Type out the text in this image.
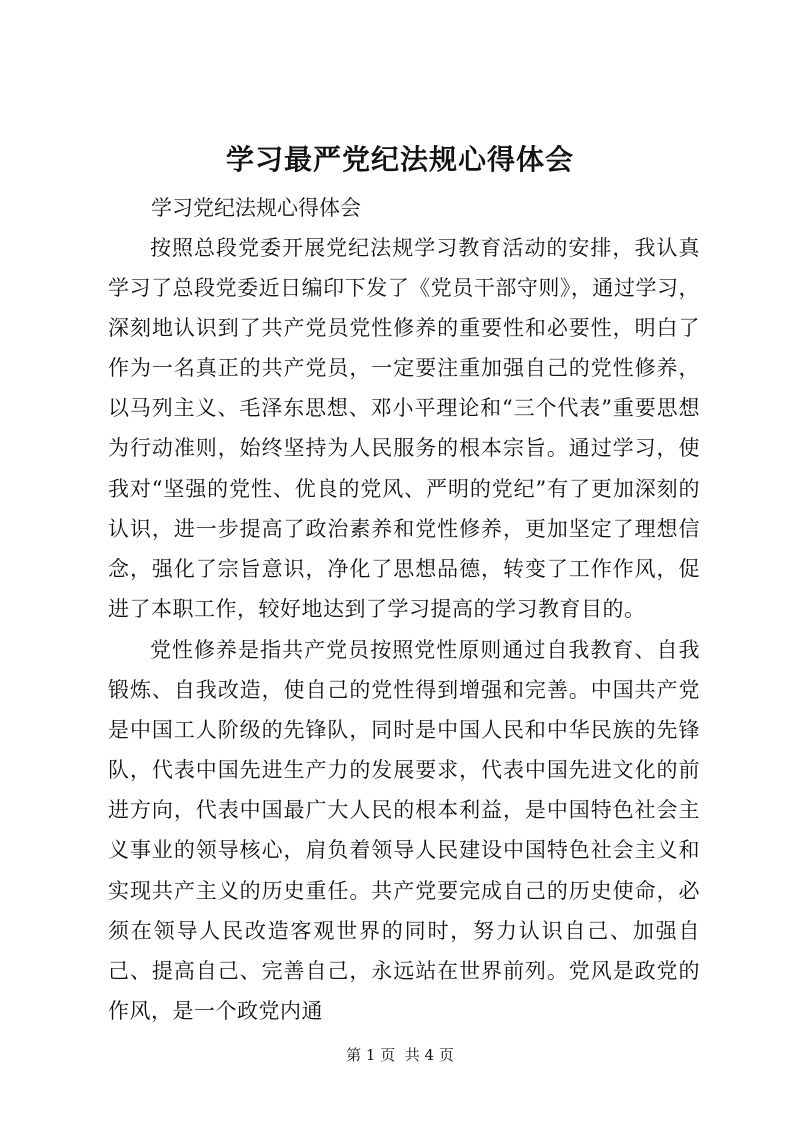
学习最严党纪法规心得体会

学习党纪法规心得体会

按照总段党委开展党纪法规学习教育活动的安排，我认真学习了总段党委近日编印下发了《党员干部守则》，通过学习，深刻地认识到了共产党员党性修养的重要性和必要性，明白了作为一名真正的共产党员，一定要注重加强自己的党性修养，以马列主义、毛泽东思想、邓小平理论和“三个代表”重要思想为行动准则，始终坚持为人民服务的根本宗旨。通过学习，使我对“坚强的党性、优良的党风、严明的党纪”有了更加深刻的认识，进一步提高了政治素养和党性修养，更加坚定了理想信念，强化了宗旨意识，净化了思想品德，转变了工作作风，促进了本职工作，较好地达到了学习提高的学习教育目的。

党性修养是指共产党员按照党性原则通过自我教育、自我锻炼、自我改造，使自己的党性得到增强和完善。中国共产党是中国工人阶级的先锋队，同时是中国人民和中华民族的先锋队，代表中国先进生产力的发展要求，代表中国先进文化的前进方向，代表中国最广大人民的根本利益，是中国特色社会主义事业的领导核心，肩负着领导人民建设中国特色社会主义和实现共产主义的历史重任。共产党要完成自己的历史使命，必须在领导人民改造客观世界的同时，努力认识自己、加强自己、提高自己、完善自己，永远站在世界前列。党风是政党的作风，是一个政党内通

第 1 页  共 4 页
